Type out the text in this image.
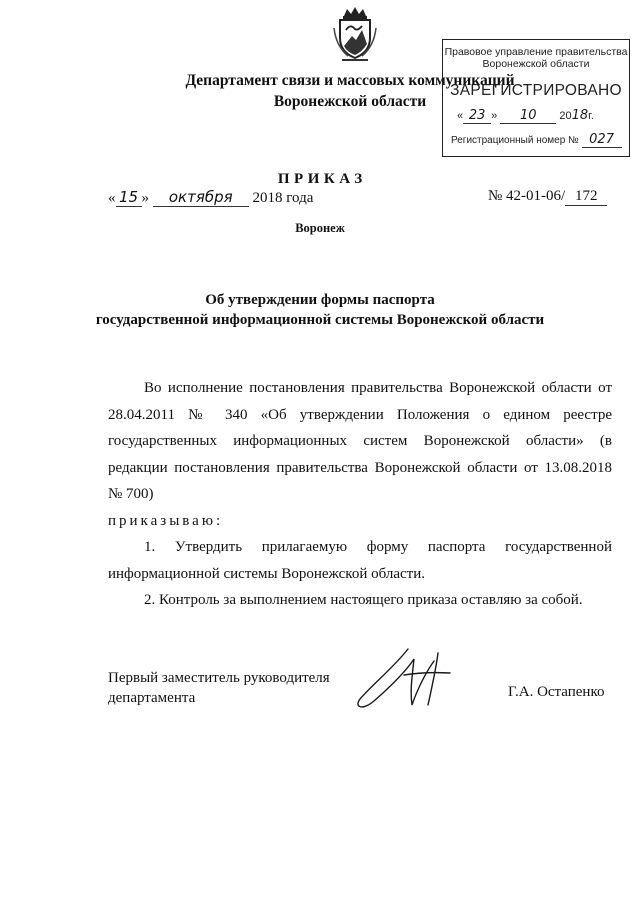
Департамент связи и массовых коммуникаций
Воронежской области
Правовое управление правительства
Воронежской области
ЗАРЕГИСТРИРОВАНО
« 23 » 10 2018г.
Регистрационный номер № 027
ПРИКАЗ
« 15 » октября 2018 года	№ 42-01-06/ 172
Воронеж
Об утверждении формы паспорта
государственной информационной системы Воронежской области
Во исполнение постановления правительства Воронежской области от 28.04.2011 № 340 «Об утверждении Положения о едином реестре государственных информационных систем Воронежской области» (в редакции постановления правительства Воронежской области от 13.08.2018 № 700)
приказываю:
1. Утвердить прилагаемую форму паспорта государственной информационной системы Воронежской области.
2. Контроль за выполнением настоящего приказа оставляю за собой.
Первый заместитель руководителя
департамента	Г.А. Остапенко
